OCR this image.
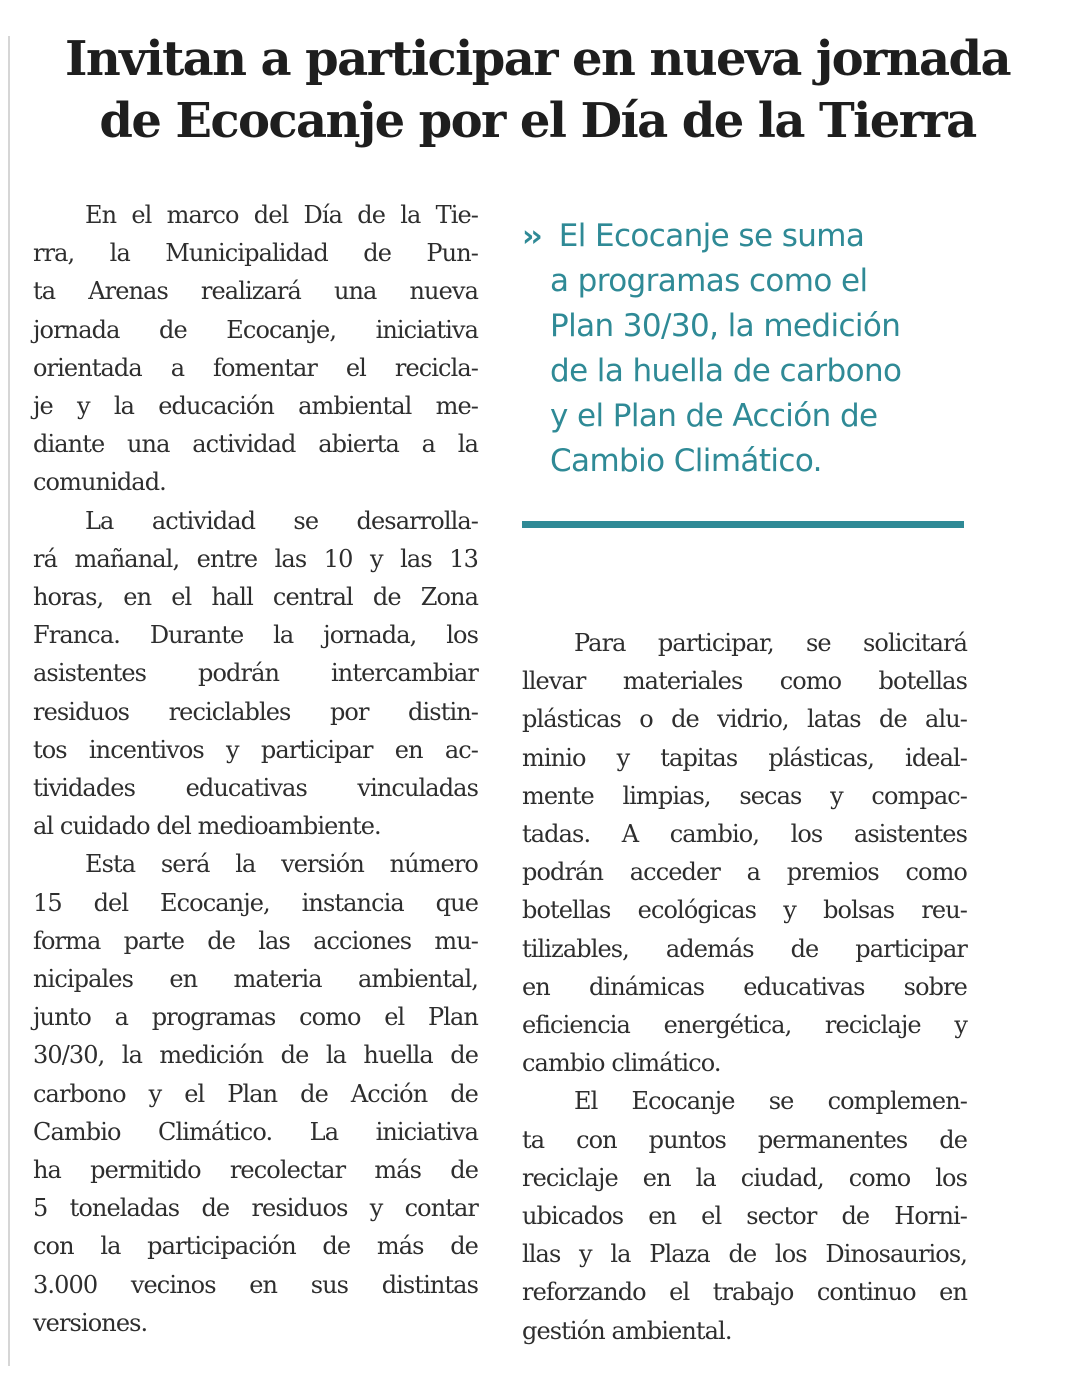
Invitan a participar en nueva jornada
de Ecocanje por el Día de la Tierra

En el marco del Día de la Tie-
rra, la Municipalidad de Pun-
ta Arenas realizará una nueva
jornada de Ecocanje, iniciativa
orientada a fomentar el recicla-
je y la educación ambiental me-
diante una actividad abierta a la
comunidad.

La actividad se desarrolla-
rá mañanal, entre las 10 y las 13
horas, en el hall central de Zona
Franca. Durante la jornada, los
asistentes podrán intercambiar
residuos reciclables por distin-
tos incentivos y participar en ac-
tividades educativas vinculadas
al cuidado del medioambiente.

Esta será la versión número
15 del Ecocanje, instancia que
forma parte de las acciones mu-
nicipales en materia ambiental,
junto a programas como el Plan
30/30, la medición de la huella de
carbono y el Plan de Acción de
Cambio Climático. La iniciativa
ha permitido recolectar más de
5 toneladas de residuos y contar
con la participación de más de
3.000 vecinos en sus distintas
versiones.

›› El Ecocanje se suma
a programas como el
Plan 30/30, la medición
de la huella de carbono
y el Plan de Acción de
Cambio Climático.

Para participar, se solicitará
llevar materiales como botellas
plásticas o de vidrio, latas de alu-
minio y tapitas plásticas, ideal-
mente limpias, secas y compac-
tadas. A cambio, los asistentes
podrán acceder a premios como
botellas ecológicas y bolsas reu-
tilizables, además de participar
en dinámicas educativas sobre
eficiencia energética, reciclaje y
cambio climático.

El Ecocanje se complemen-
ta con puntos permanentes de
reciclaje en la ciudad, como los
ubicados en el sector de Horni-
llas y la Plaza de los Dinosaurios,
reforzando el trabajo continuo en
gestión ambiental.
